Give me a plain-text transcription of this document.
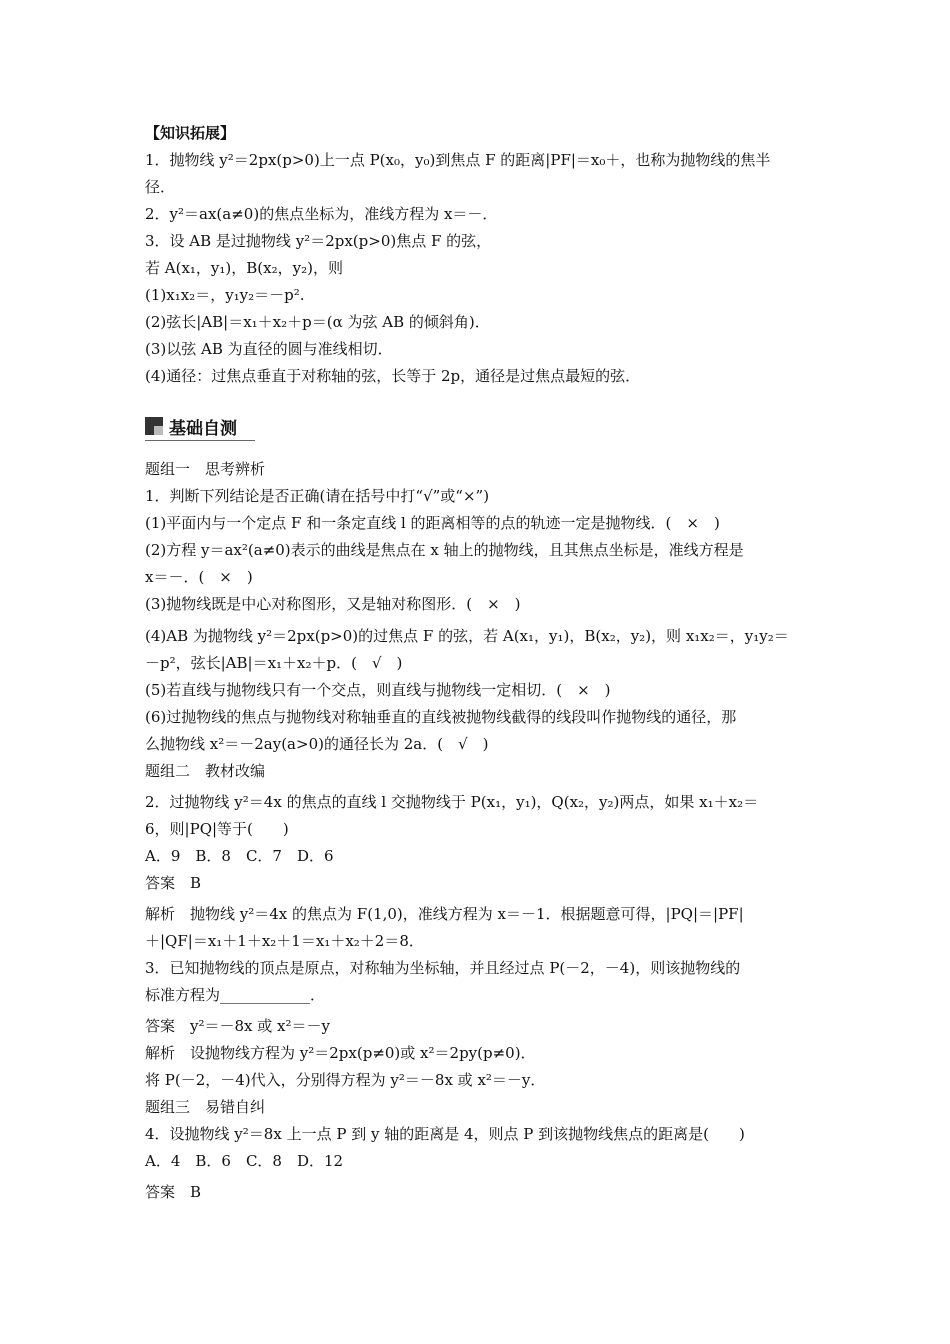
【知识拓展】
1．抛物线 y²＝2px(p>0)上一点 P(x₀，y₀)到焦点 F 的距离|PF|＝x₀＋，也称为抛物线的焦半
径．
2．y²＝ax(a≠0)的焦点坐标为，准线方程为 x＝－．
3．设 AB 是过抛物线 y²＝2px(p>0)焦点 F 的弦，
若 A(x₁，y₁)，B(x₂，y₂)，则
(1)x₁x₂＝，y₁y₂＝－p².
(2)弦长|AB|＝x₁＋x₂＋p＝(α 为弦 AB 的倾斜角)．
(3)以弦 AB 为直径的圆与准线相切．
(4)通径：过焦点垂直于对称轴的弦，长等于 2p，通径是过焦点最短的弦．
基础自测
题组一　思考辨析
1．判断下列结论是否正确(请在括号中打“√”或“×”)
(1)平面内与一个定点 F 和一条定直线 l 的距离相等的点的轨迹一定是抛物线．(　×　)
(2)方程 y＝ax²(a≠0)表示的曲线是焦点在 x 轴上的抛物线，且其焦点坐标是，准线方程是
x＝－．(　×　)
(3)抛物线既是中心对称图形，又是轴对称图形．(　×　)
(4)AB 为抛物线 y²＝2px(p>0)的过焦点 F 的弦，若 A(x₁，y₁)，B(x₂，y₂)，则 x₁x₂＝，y₁y₂＝
－p²，弦长|AB|＝x₁＋x₂＋p．(　√　)
(5)若直线与抛物线只有一个交点，则直线与抛物线一定相切．(　×　)
(6)过抛物线的焦点与抛物线对称轴垂直的直线被抛物线截得的线段叫作抛物线的通径，那
么抛物线 x²＝－2ay(a>0)的通径长为 2a．(　√　)
题组二　教材改编
2．过抛物线 y²＝4x 的焦点的直线 l 交抛物线于 P(x₁，y₁)，Q(x₂，y₂)两点，如果 x₁＋x₂＝
6，则|PQ|等于(　　)
A．9　B．8　C．7　D．6
答案　B
解析　抛物线 y²＝4x 的焦点为 F(1,0)，准线方程为 x＝－1．根据题意可得，|PQ|＝|PF|
＋|QF|＝x₁＋1＋x₂＋1＝x₁＋x₂＋2＝8．
3．已知抛物线的顶点是原点，对称轴为坐标轴，并且经过点 P(－2，－4)，则该抛物线的
标准方程为____________．
答案　y²＝－8x 或 x²＝－y
解析　设抛物线方程为 y²＝2px(p≠0)或 x²＝2py(p≠0)．
将 P(－2，－4)代入，分别得方程为 y²＝－8x 或 x²＝－y．
题组三　易错自纠
4．设抛物线 y²＝8x 上一点 P 到 y 轴的距离是 4，则点 P 到该抛物线焦点的距离是(　　)
A．4　B．6　C．8　D．12
答案　B
